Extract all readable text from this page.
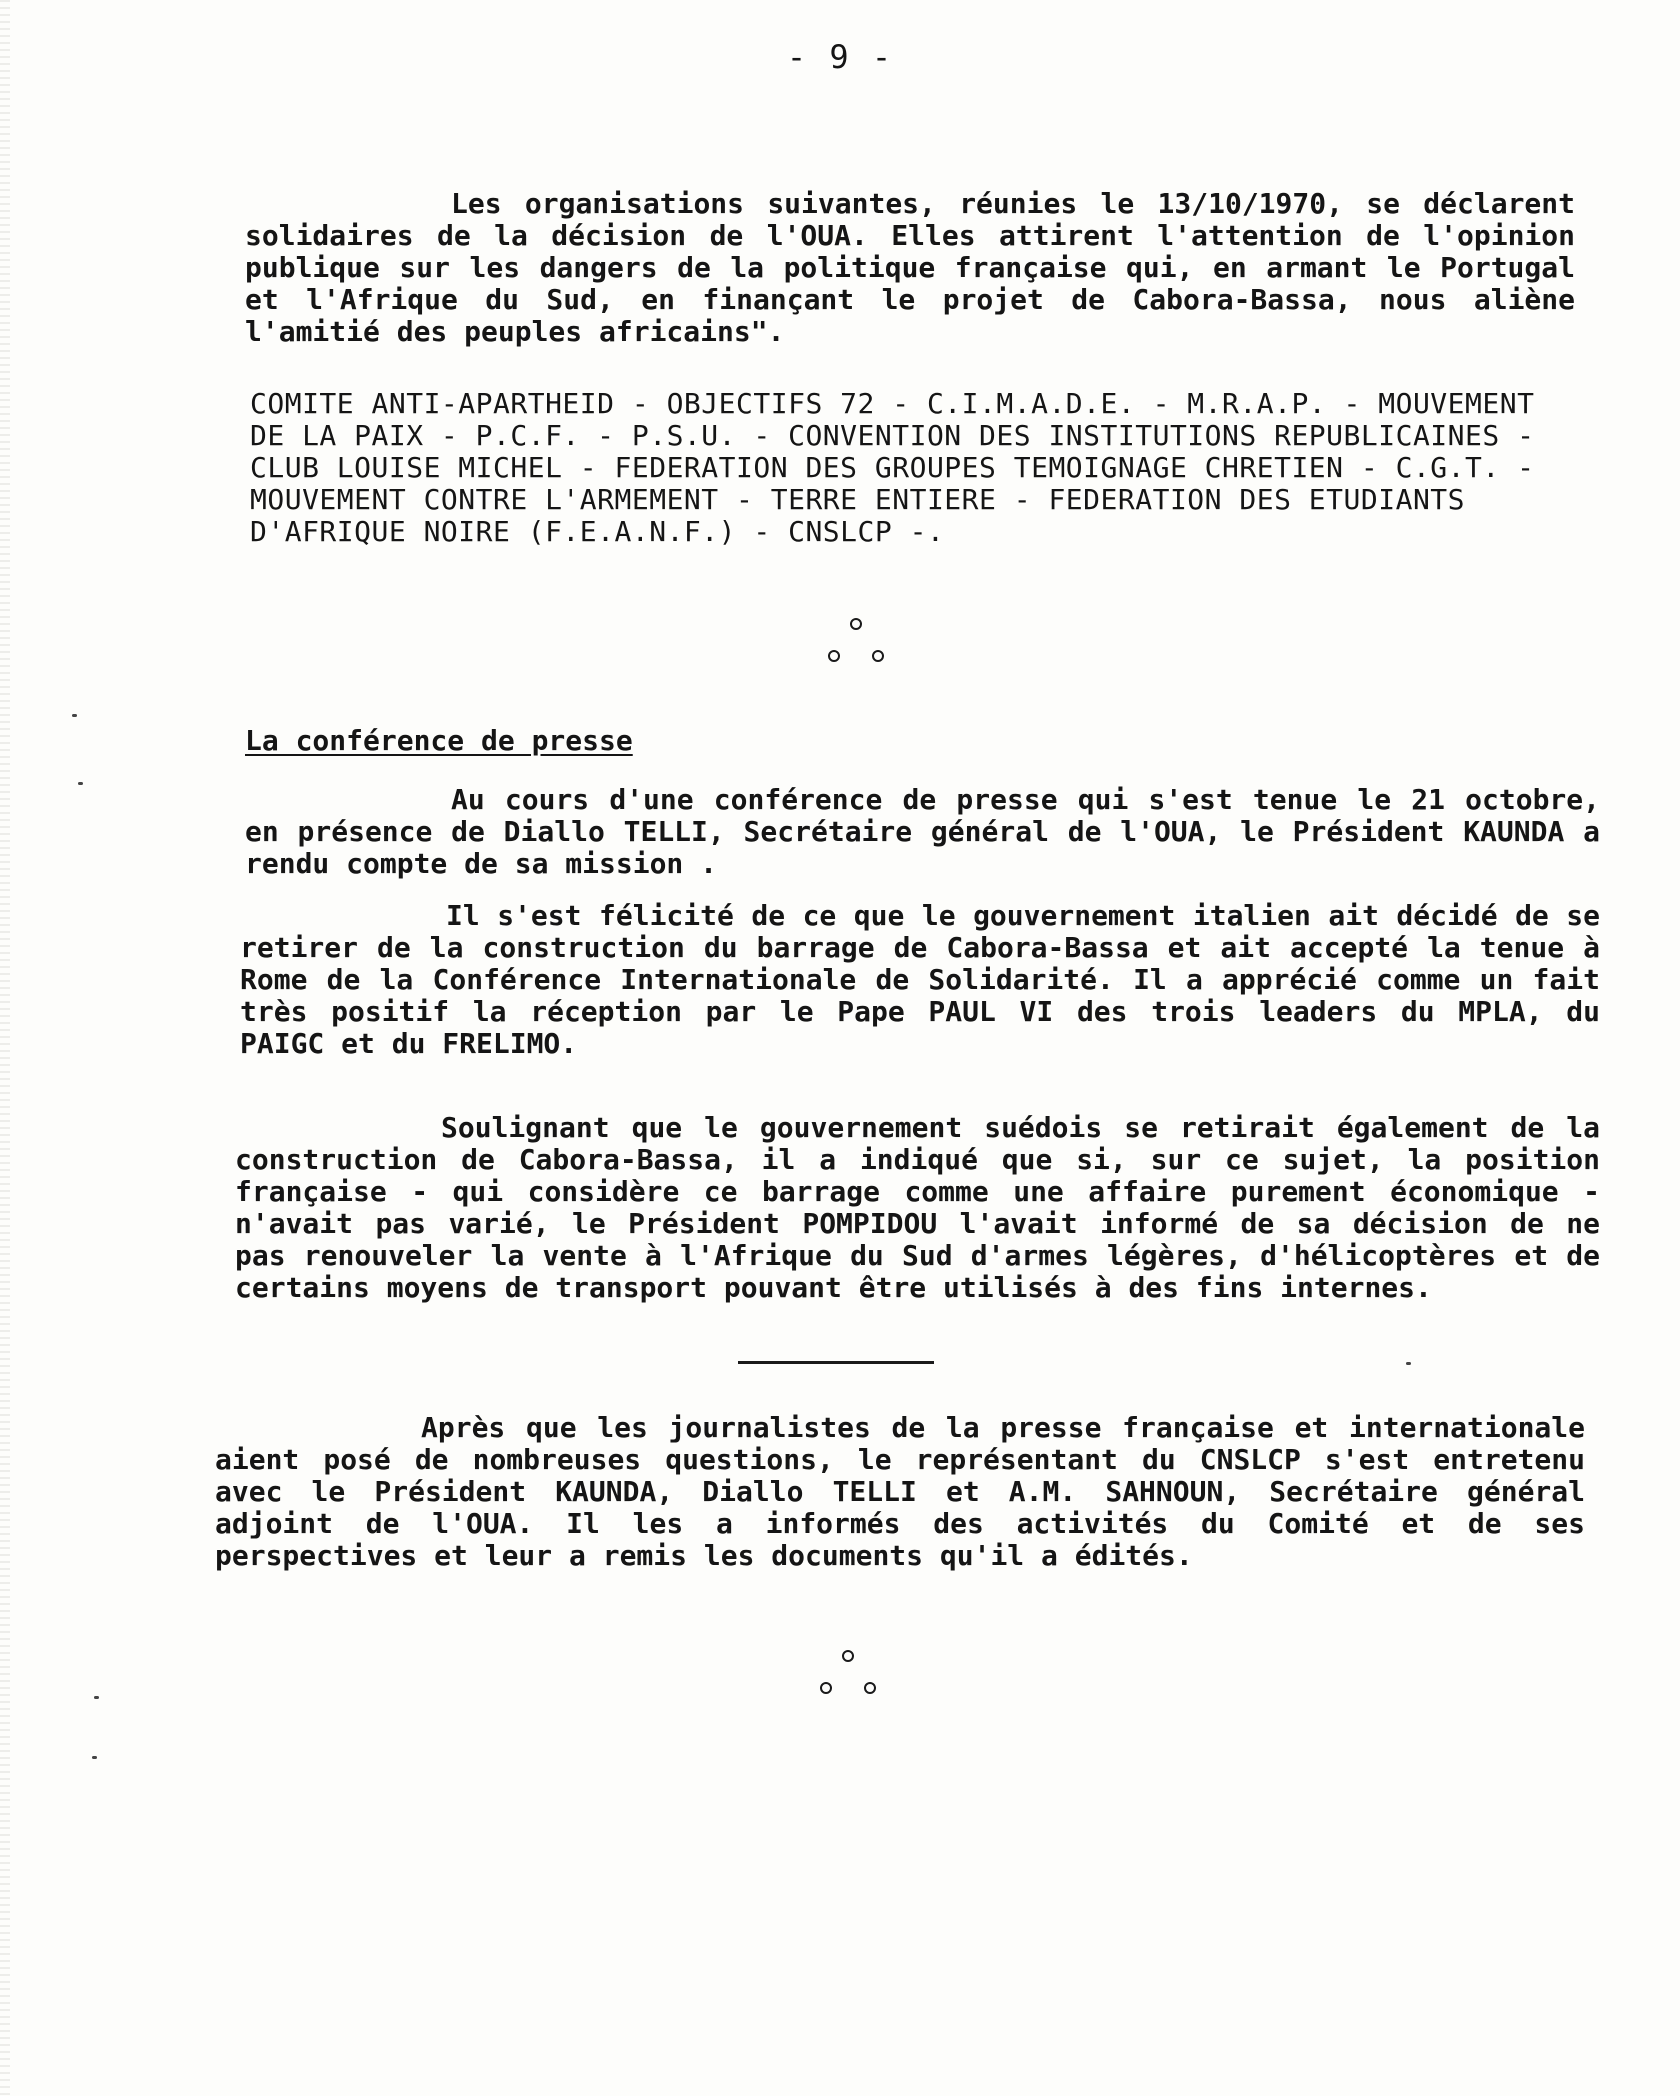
- 9 -

Les organisations suivantes, réunies le 13/10/1970, se déclarent solidaires de la décision de l'OUA. Elles attirent l'attention de l'opinion publique sur les dangers de la politique française qui, en armant le Portugal et l'Afrique du Sud, en finançant le projet de Cabora-Bassa, nous aliène l'amitié des peuples africains".

COMITE ANTI-APARTHEID - OBJECTIFS 72 - C.I.M.A.D.E. - M.R.A.P. - MOUVEMENT DE LA PAIX - P.C.F. - P.S.U. - CONVENTION DES INSTITUTIONS REPUBLICAINES - CLUB LOUISE MICHEL - FEDERATION DES GROUPES TEMOIGNAGE CHRETIEN - C.G.T. - MOUVEMENT CONTRE L'ARMEMENT - TERRE ENTIERE - FEDERATION DES ETUDIANTS D'AFRIQUE NOIRE (F.E.A.N.F.) - CNSLCP -.

La conférence de presse

Au cours d'une conférence de presse qui s'est tenue le 21 octobre, en présence de Diallo TELLI, Secrétaire général de l'OUA, le Président KAUNDA a rendu compte de sa mission .

Il s'est félicité de ce que le gouvernement italien ait décidé de se retirer de la construction du barrage de Cabora-Bassa et ait accepté la tenue à Rome de la Conférence Internationale de Solidarité. Il a apprécié comme un fait très positif la réception par le Pape PAUL VI des trois leaders du MPLA, du PAIGC et du FRELIMO.

Soulignant que le gouvernement suédois se retirait également de la construction de Cabora-Bassa, il a indiqué que si, sur ce sujet, la position française - qui considère ce barrage comme une affaire purement économique - n'avait pas varié, le Président POMPIDOU l'avait informé de sa décision de ne pas renouveler la vente à l'Afrique du Sud d'armes légères, d'hélicoptères et de certains moyens de transport pouvant être utilisés à des fins internes.

Après que les journalistes de la presse française et internationale aient posé de nombreuses questions, le représentant du CNSLCP s'est entretenu avec le Président KAUNDA, Diallo TELLI et A.M. SAHNOUN, Secrétaire général adjoint de l'OUA. Il les a informés des activités du Comité et de ses perspectives et leur a remis les documents qu'il a édités.
